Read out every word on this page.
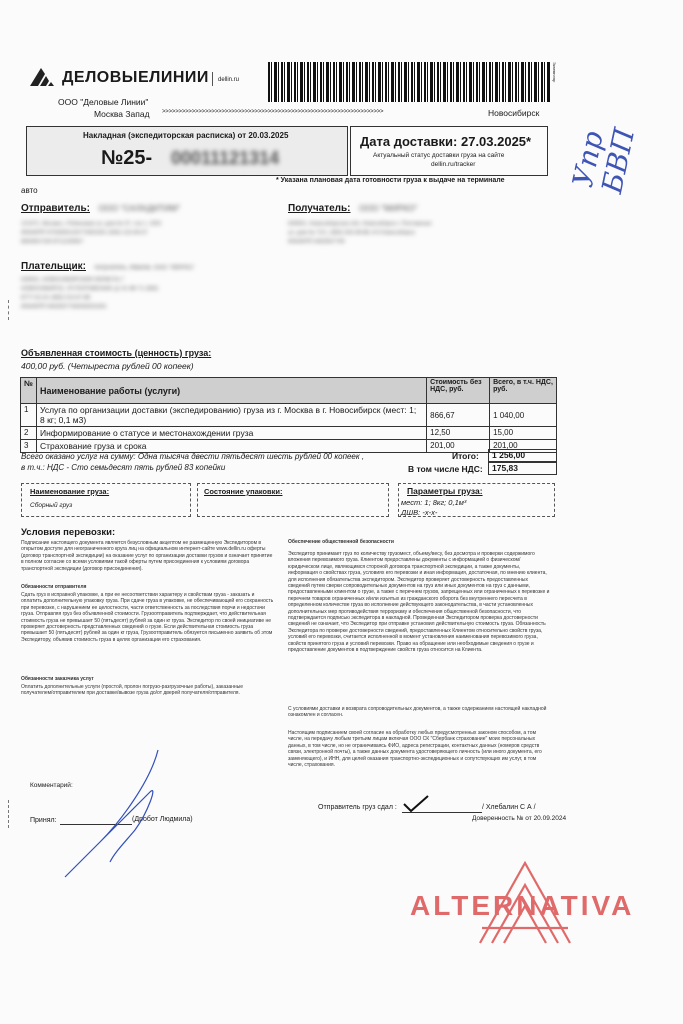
ДЕЛОВЫЕЛИНИИ dellin.ru	Экземпляр
ООО "Деловые Линии"
Москва Запад >>>>>>>>>>>>>>>>>>>>>>>>>>>>>>>>>>>>>>>>>>>>>>>>>>>>>>>>>>>>>>>>>>>	Новосибирск
Накладная (экспедиторская расписка) от 20.03.2025
№25- 00011121314
Дата доставки: 27.03.2025*
Актуальный статус доставки груза на сайте
dellin.ru/tracker
* Указана плановая дата готовности груза к выдаче на терминале
авто
Отправитель: ООО "САЛАДИТИМ"
121471, Москва г, Рябиновая ул, дом № 37, стр 1, 1001
ИНН/КПП 9729300123/772901001 (926) 123-45-67
8964567100 8711234567
Получатель: ООО "МИРКО"
630001, Новосибирская обл, Новосибирск г, Полтавская
ул, дом № 71/1, (383) 333-38-88, 8-9 Новосибирск
ИНН/КПП 5402567740
Плательщик: получатель, Иванов, ООО "МИРКО"
630001, НОВОСИБИРСКАЯ ОБЛАСТЬ Г
НОВОСИБИРСК, УЛ ПОЛТАВСКАЯ, Д. 61 КВ 71 (383)
8777-61-61 (383) 213-67-88
ИНН/КПП 5402567740/540201001
Объявленная стоимость (ценность) груза:
400,00 руб. (Четыреста рублей 00 копеек)
№	Наименование работы (услуги)	Стоимость без НДС, руб.	Всего, в т.ч. НДС, руб.
1	Услуга по организации доставки (экспедированию) груза из г. Москва в г. Новосибирск (мест: 1; 8 кг; 0,1 м3)	866,67	1 040,00
2	Информирование о статусе и местонахождении груза	12,50	15,00
3	Страхование груза и срока	201,00	201,00
Всего оказано услуг на сумму: Одна тысяча двести пятьдесят шесть рублей 00 копеек , в т.ч.: НДС - Сто семьдесят пять рублей 83 копейки
Итого:	1 256,00
В том числе НДС:	175,83
Наименование груза:
Сборный груз
Состояние упаковки:	Параметры груза:
мест: 1; 8кг; 0,1м³
ДШВ: -х-х-
Условия перевозки:
Подписание настоящего документа является безусловным акцептом не размещенную Экспедитором в открытом доступе для неограниченного круга лиц на официальном интернет-сайте www.dellin.ru оферты (договор транспортной экспедиции) на оказание услуг по организации доставки грузов и означает принятие в полном согласие со всеми условиями такой оферты путем присоединения к условиям договора транспортной экспедиции (договор присоединения).
Обязанности отправителя
Сдать груз в исправной упаковке, а при ее несоответствии характеру и свойствам груза - заказать и оплатить дополнительную упаковку груза. При сдаче груза в упаковке, не обеспечивающей его сохранность при перевозке, с нарушением ее целостности, части ответственность за последствия порчи и недостачи груза. Отправляя груз без объявленной стоимости. Грузоотправитель подтверждает, что действительная стоимость груза не превышает 50 (пятьдесят) рублей за один кг груза. Экспедитор по своей инициативе не проверяет достоверность представленных сведений о грузе. Если действительная стоимость груза превышает 50 (пятьдесят) рублей за один кг груза, Грузоотправитель обязуется письменно заявить об этом Экспедитору, объявив стоимость груза в целях организации его страхования.
Обязанности заказчика услуг
Оплатить дополнительные услуги (простой, пролон погрузо-разгрузочные работы), заказанные получателем/отправителем при доставке/вывозе груза до/от дверей получателя/отправителя.
Обеспечение общественной безопасности
Экспедитор принимает груз по количеству грузомест, объему/весу, без досмотра и проверки содержимого вложения перевозимого груза. Клиентом предоставлены документы с информацией о физическом/юридическом лице, являющимся стороной договора транспортной экспедиции, а также документы, информация о свойствах груза, условиях его перевозки и иная информация, достаточная, по мнению клиента, для исполнения обязательства экспедитором. Экспедитор проверяет достоверность предоставленных сведений путем сверки сопроводительных документов на груз или иных документов на груз с данными, предоставленными клиентом о грузе, а также с перечнем грузов, запрещенных или ограниченных к перевозке и перечнем товаров ограниченных и/или изъятых из гражданского оборота без внутреннего пересчета в определенном количестве груза во исполнение действующего законодательства, в части установленных дополнительных мер противодействия терроризму и обеспечения общественной безопасности, что подтверждается подписью экспедитора в накладной. Проведенная Экспедитором проверка достоверности сведений не означает, что Экспедитор при отправке установил действительную стоимость груза. Обязанность Экспедитора по проверке достоверности сведений, предоставленных Клиентом относительно свойств груза, условий его перевозки, считается исполненной в момент установления наименования перевозимого груза, свойств принятого груза и условий перевозки. Право на обращение или необходимые сведения о грузе и предоставление документов в подтверждение свойств груза относится на Клиента.
С условиями доставки и возврата сопроводительных документов, а также содержанием настоящей накладной ознакомлен и согласен.
Настоящим подписанием своей согласие на обработку любых предусмотренных законом способом, а том числе, на передачу любым третьим лицам включая ООО СК "Сбербанк страхование" моих персональных данных, в том числе, но не ограничиваясь ФИО, адреса регистрации, контактных данных (номеров средств связи, электронной почты), а также данных документа удостоверяющего личность (или иного документа, его заменяющего), и ИНН, для целей оказания транспортно-экспедиционных и сопутствующих им услуг, в том числе, страхования.
Комментарий:
Принял:	(Дробот Людмила)
Отправитель груз сдал :	/ Хлебалин С А /
Доверенность № от 20.09.2024
Упр БВП
ALTERNATIVA
